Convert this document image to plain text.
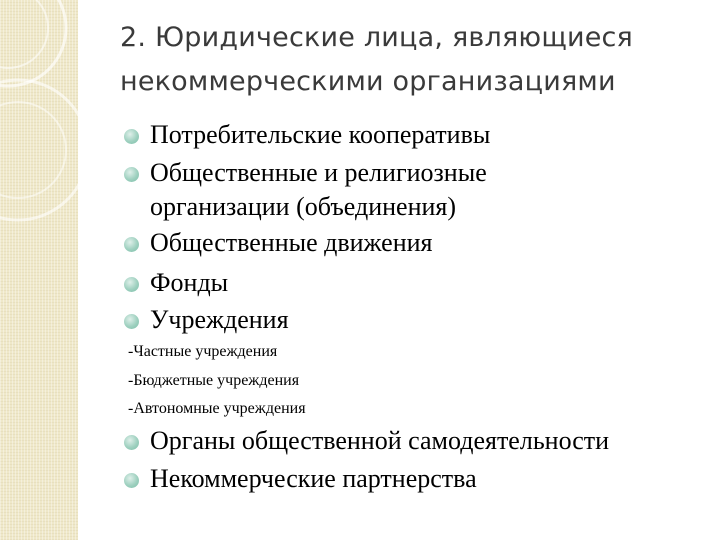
2. Юридические лица, являющиеся
некоммерческими организациями
Потребительские кооперативы
Общественные и религиозные
организации (объединения)
Общественные движения
Фонды
Учреждения
-Частные учреждения
-Бюджетные учреждения
-Автономные учреждения
Органы общественной самодеятельности
Некоммерческие партнерства
